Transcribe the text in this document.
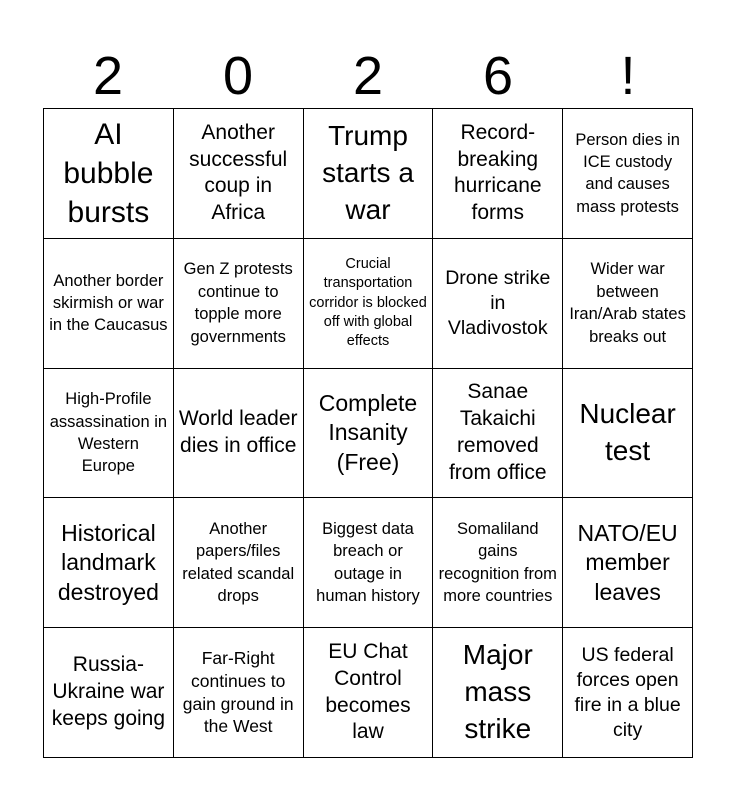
2	0	2	6	!
AI bubble bursts
Another successful coup in Africa
Trump starts a war
Record-breaking hurricane forms
Person dies in ICE custody and causes mass protests
Another border skirmish or war in the Caucasus
Gen Z protests continue to topple more governments
Crucial transportation corridor is blocked off with global effects
Drone strike in Vladivostok
Wider war between Iran/Arab states breaks out
High-Profile assassination in Western Europe
World leader dies in office
Complete Insanity (Free)
Sanae Takaichi removed from office
Nuclear test
Historical landmark destroyed
Another papers/files related scandal drops
Biggest data breach or outage in human history
Somaliland gains recognition from more countries
NATO/EU member leaves
Russia-Ukraine war keeps going
Far-Right continues to gain ground in the West
EU Chat Control becomes law
Major mass strike
US federal forces open fire in a blue city
